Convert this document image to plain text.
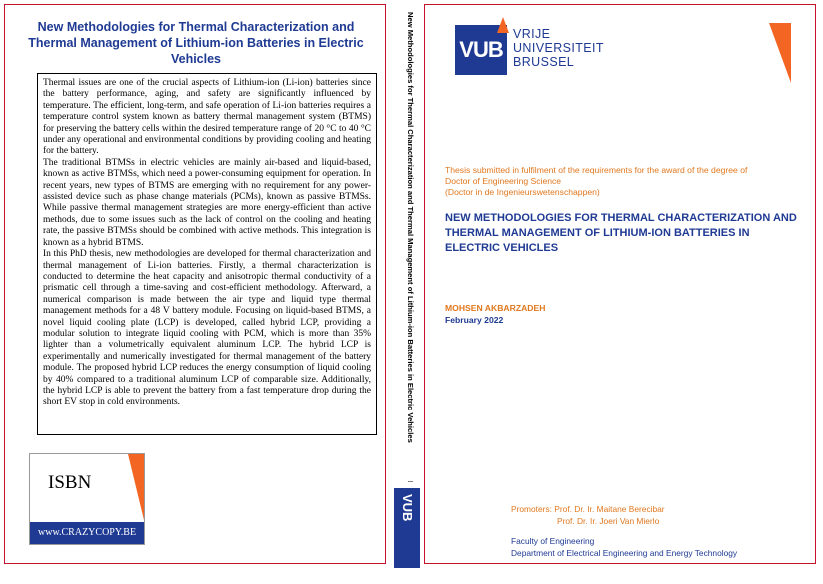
New Methodologies for Thermal Characterization and Thermal Management of Lithium-ion Batteries in Electric Vehicles

Thermal issues are one of the crucial aspects of Lithium-ion (Li-ion) batteries since the battery performance, aging, and safety are significantly influenced by temperature. The efficient, long-term, and safe operation of Li-ion batteries requires a temperature control system known as battery thermal management system (BTMS) for preserving the battery cells within the desired temperature range of 20 °C to 40 °C under any operational and environmental conditions by providing cooling and heating for the battery.

The traditional BTMSs in electric vehicles are mainly air-based and liquid-based, known as active BTMSs, which need a power-consuming equipment for operation. In recent years, new types of BTMS are emerging with no requirement for any power-assisted device such as phase change materials (PCMs), known as passive BTMSs. While passive thermal management strategies are more energy-efficient than active methods, due to some issues such as the lack of control on the cooling and heating rate, the passive BTMSs should be combined with active methods. This integration is known as a hybrid BTMS.

In this PhD thesis, new methodologies are developed for thermal characterization and thermal management of Li-ion batteries. Firstly, a thermal characterization is conducted to determine the heat capacity and anisotropic thermal conductivity of a prismatic cell through a time-saving and cost-efficient methodology. Afterward, a numerical comparison is made between the air type and liquid type thermal management methods for a 48 V battery module. Focusing on liquid-based BTMS, a novel liquid cooling plate (LCP) is developed, called hybrid LCP, providing a modular solution to integrate liquid cooling with PCM, which is more than 35% lighter than a volumetrically equivalent aluminum LCP. The hybrid LCP is experimentally and numerically investigated for thermal management of the battery module. The proposed hybrid LCP reduces the energy consumption of liquid cooling by 40% compared to a traditional aluminum LCP of comparable size. Additionally, the hybrid LCP is able to prevent the battery from a fast temperature drop during the short EV stop in cold environments.

ISBN
www.CRAZYCOPY.BE
New Methodologies for Thermal Characterization and Thermal Management of Lithium-ion Batteries in Electric Vehicles
VUB
VUB
VRIJE
UNIVERSITEIT
BRUSSEL
Thesis submitted in fulfilment of the requirements for the award of the degree of
Doctor of Engineering Science
(Doctor in de Ingenieurswetenschappen)
NEW METHODOLOGIES FOR THERMAL CHARACTERIZATION AND THERMAL MANAGEMENT OF LITHIUM-ION BATTERIES IN ELECTRIC VEHICLES
MOHSEN AKBARZADEH
February 2022
Promoters: Prof. Dr. Ir. Maitane Berecibar
Prof. Dr. Ir. Joeri Van Mierlo
Faculty of Engineering
Department of Electrical Engineering and Energy Technology
